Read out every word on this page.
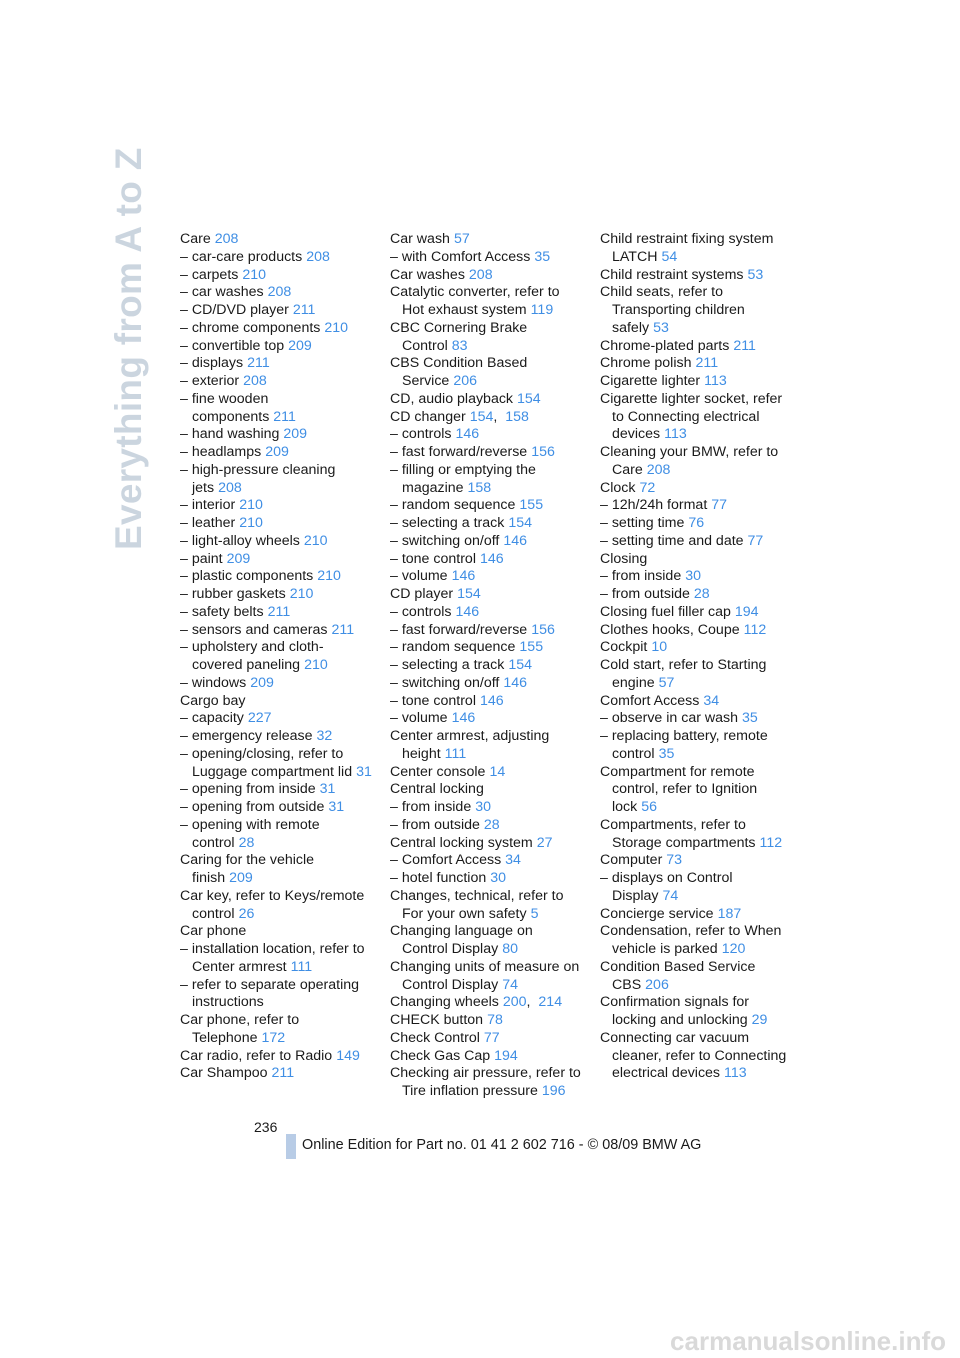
Everything from A to Z Care 208
– car-care products 208
– carpets 210
– car washes 208
– CD/DVD player 211
– chrome components 210
– convertible top 209
– displays 211
– exterior 208
– fine wooden components 211
– hand washing 209
– headlamps 209
– high-pressure cleaning jets 208
– interior 210
– leather 210
– light-alloy wheels 210
– paint 209
– plastic components 210
– rubber gaskets 210
– safety belts 211
– sensors and cameras 211
– upholstery and cloth-covered paneling 210
– windows 209
Cargo bay
– capacity 227
– emergency release 32
– opening/closing, refer to Luggage compartment lid 31
– opening from inside 31
– opening from outside 31
– opening with remote control 28
Caring for the vehicle finish 209
Car key, refer to Keys/remote control 26
Car phone
– installation location, refer to Center armrest 111
– refer to separate operating instructions
Car phone, refer to Telephone 172
Car radio, refer to Radio 149
Car Shampoo 211
Car wash 57
– with Comfort Access 35
Car washes 208
Catalytic converter, refer to Hot exhaust system 119
CBC Cornering Brake Control 83
CBS Condition Based Service 206
CD, audio playback 154
CD changer 154, 158
– controls 146
– fast forward/reverse 156
– filling or emptying the magazine 158
– random sequence 155
– selecting a track 154
– switching on/off 146
– tone control 146
– volume 146
CD player 154
– controls 146
– fast forward/reverse 156
– random sequence 155
– selecting a track 154
– switching on/off 146
– tone control 146
– volume 146
Center armrest, adjusting height 111
Center console 14
Central locking
– from inside 30
– from outside 28
Central locking system 27
– Comfort Access 34
– hotel function 30
Changes, technical, refer to For your own safety 5
Changing language on Control Display 80
Changing units of measure on Control Display 74
Changing wheels 200, 214
CHECK button 78
Check Control 77
Check Gas Cap 194
Checking air pressure, refer to Tire inflation pressure 196
Child restraint fixing system LATCH 54
Child restraint systems 53
Child seats, refer to Transporting children safely 53
Chrome-plated parts 211
Chrome polish 211
Cigarette lighter 113
Cigarette lighter socket, refer to Connecting electrical devices 113
Cleaning your BMW, refer to Care 208
Clock 72
– 12h/24h format 77
– setting time 76
– setting time and date 77
Closing
– from inside 30
– from outside 28
Closing fuel filler cap 194
Clothes hooks, Coupe 112
Cockpit 10
Cold start, refer to Starting engine 57
Comfort Access 34
– observe in car wash 35
– replacing battery, remote control 35
Compartment for remote control, refer to Ignition lock 56
Compartments, refer to Storage compartments 112
Computer 73
– displays on Control Display 74
Concierge service 187
Condensation, refer to When vehicle is parked 120
Condition Based Service CBS 206
Confirmation signals for locking and unlocking 29
Connecting car vacuum cleaner, refer to Connecting electrical devices 113
236
Online Edition for Part no. 01 41 2 602 716 - © 08/09 BMW AG
carmanualsonline.info
